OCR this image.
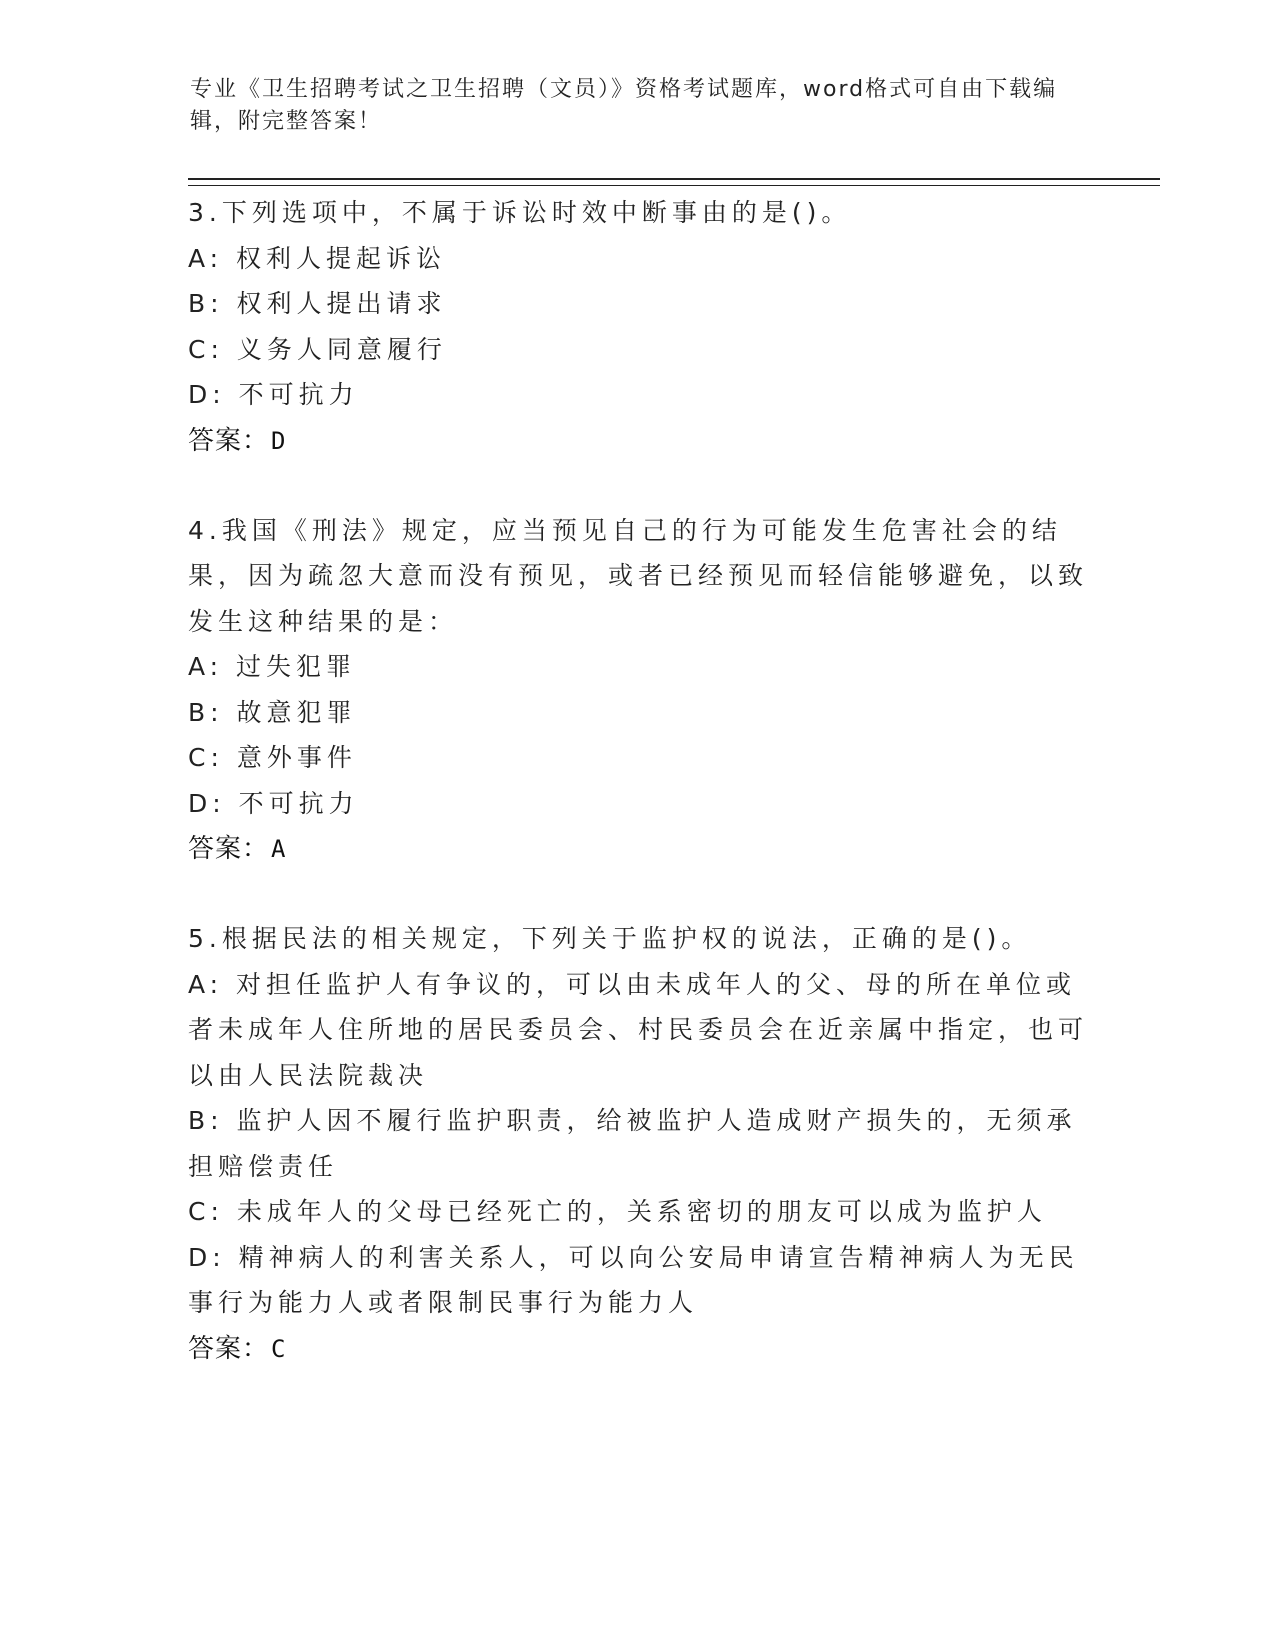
专业《卫生招聘考试之卫生招聘（文员）》资格考试题库，word格式可自由下载编辑，附完整答案！
3.下列选项中，不属于诉讼时效中断事由的是()。
A: 权利人提起诉讼
B: 权利人提出请求
C: 义务人同意履行
D: 不可抗力
答案：D
4.我国《刑法》规定，应当预见自己的行为可能发生危害社会的结果，因为疏忽大意而没有预见，或者已经预见而轻信能够避免，以致发生这种结果的是：
A: 过失犯罪
B: 故意犯罪
C: 意外事件
D: 不可抗力
答案：A
5.根据民法的相关规定，下列关于监护权的说法，正确的是()。
A: 对担任监护人有争议的，可以由未成年人的父、母的所在单位或者未成年人住所地的居民委员会、村民委员会在近亲属中指定，也可以由人民法院裁决
B: 监护人因不履行监护职责，给被监护人造成财产损失的，无须承担赔偿责任
C: 未成年人的父母已经死亡的，关系密切的朋友可以成为监护人
D: 精神病人的利害关系人，可以向公安局申请宣告精神病人为无民事行为能力人或者限制民事行为能力人
答案：C
